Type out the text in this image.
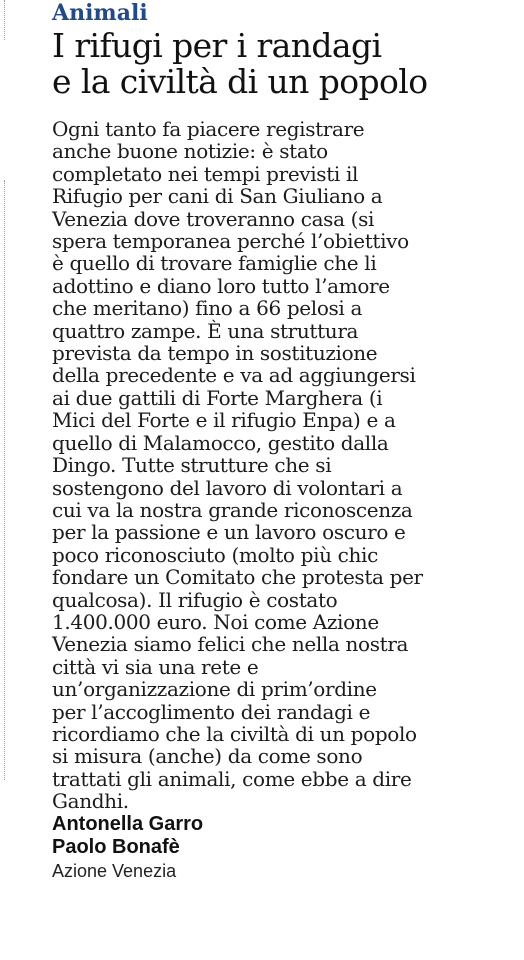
Animali
I rifugi per i randagi
e la civiltà di un popolo
Ogni tanto fa piacere registrare
anche buone notizie: è stato
completato nei tempi previsti il
Rifugio per cani di San Giuliano a
Venezia dove troveranno casa (si
spera temporanea perché l’obiettivo
è quello di trovare famiglie che li
adottino e diano loro tutto l’amore
che meritano) fino a 66 pelosi a
quattro zampe. È una struttura
prevista da tempo in sostituzione
della precedente e va ad aggiungersi
ai due gattili di Forte Marghera (i
Mici del Forte e il rifugio Enpa) e a
quello di Malamocco, gestito dalla
Dingo. Tutte strutture che si
sostengono del lavoro di volontari a
cui va la nostra grande riconoscenza
per la passione e un lavoro oscuro e
poco riconosciuto (molto più chic
fondare un Comitato che protesta per
qualcosa). Il rifugio è costato
1.400.000 euro. Noi come Azione
Venezia siamo felici che nella nostra
città vi sia una rete e
un’organizzazione di prim’ordine
per l’accoglimento dei randagi e
ricordiamo che la civiltà di un popolo
si misura (anche) da come sono
trattati gli animali, come ebbe a dire
Gandhi.
Antonella Garro
Paolo Bonafè
Azione Venezia
